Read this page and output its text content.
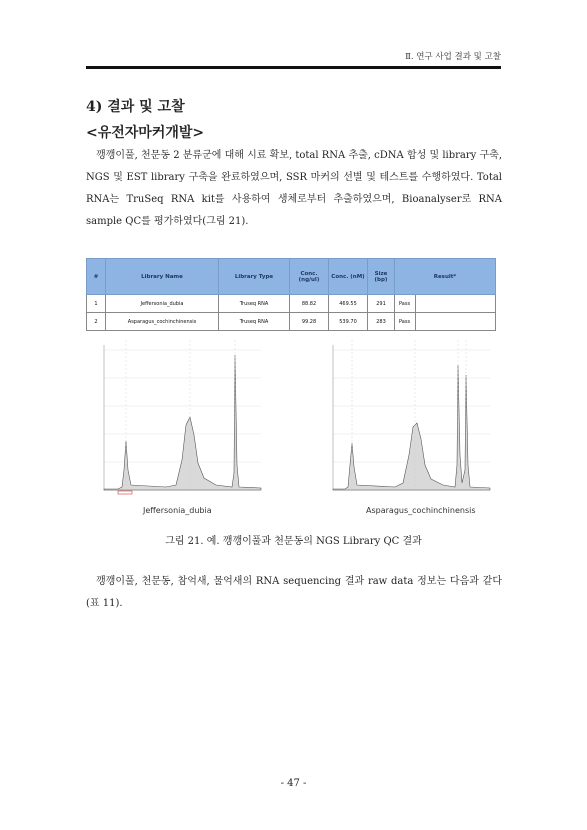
Ⅱ. 연구 사업 결과 및 고찰
4) 결과 및 고찰
<유전자마커개발>
깽깽이풀, 천문동 2 분류군에 대해 시료 확보, total RNA 추출, cDNA 합성 및 library 구축, NGS 및 EST library 구축을 완료하였으며, SSR 마커의 선별 및 테스트를 수행하였다. Total RNA는 TruSeq RNA kit를 사용하여 생체로부터 추출하였으며, Bioanalyser로 RNA sample QC를 평가하였다(그림 21).
#	Library Name	Library Type	Conc. (ng/ul)	Conc. (nM)	Size (bp)	Result*	
1	Jeffersonia_dubia	Truseq RNA	88.82	469.55	291	Pass	
2	Asparagus_cochinchinensis	Truseq RNA	99.28	539.70	283	Pass	
Jeffersonia_dubia	Asparagus_cochinchinensis
그림 21. 예. 깽깽이풀과 천문동의 NGS Library QC 결과
깽깽이풀, 천문동, 참억새, 물억새의 RNA sequencing 결과 raw data 정보는 다음과 같다(표 11).
- 47 -
